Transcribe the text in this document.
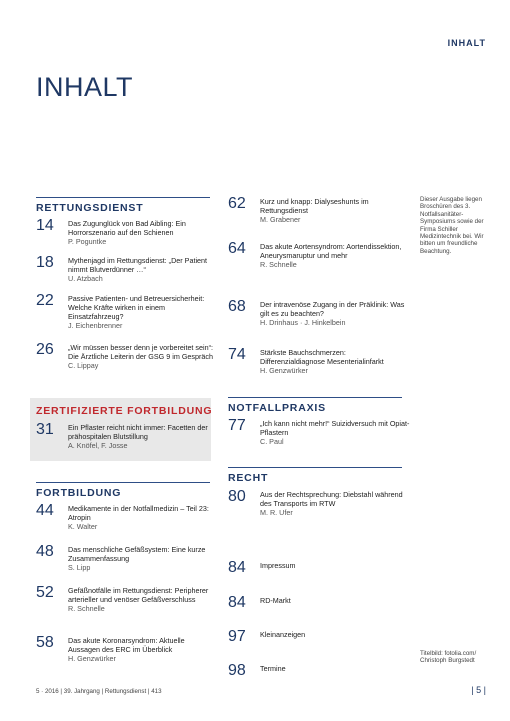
INHALT
INHALT
RETTUNGSDIENST
14 Das Zugunglück von Bad Aibling: Ein Horrorszenario auf den Schienen
P. Poguntke
18 Mythenjagd im Rettungsdienst: „Der Patient nimmt Blutverdünner …“
U. Atzbach
22 Passive Patienten- und Betreuersicherheit: Welche Kräfte wirken in einem Einsatzfahrzeug?
J. Eichenbrenner
26 „Wir müssen besser denn je vorbereitet sein“: Die Ärztliche Leiterin der GSG 9 im Gespräch
C. Lippay
ZERTIFIZIERTE FORTBILDUNG
31 Ein Pflaster reicht nicht immer: Facetten der prähospitalen Blutstillung
A. Knöfel, F. Josse
FORTBILDUNG
44 Medikamente in der Notfallmedizin – Teil 23: Atropin
K. Walter
48 Das menschliche Gefäßsystem: Eine kurze Zusammenfassung
S. Lipp
52 Gefäßnotfälle im Rettungsdienst: Peripherer arterieller und venöser Gefäßverschluss
R. Schnelle
58 Das akute Koronarsyndrom: Aktuelle Aussagen des ERC im Überblick
H. Genzwürker
62 Kurz und knapp: Dialyseshunts im Rettungsdienst
M. Grabener
64 Das akute Aortensyndrom: Aortendissektion, Aneurysmaruptur und mehr
R. Schnelle
68 Der intravenöse Zugang in der Präklinik: Was gilt es zu beachten?
H. Drinhaus · J. Hinkelbein
74 Stärkste Bauchschmerzen: Differenzialdiagnose Mesenterialinfarkt
H. Genzwürker
NOTFALLPRAXIS
77 „Ich kann nicht mehr!“ Suizidversuch mit Opiat-Pflastern
C. Paul
RECHT
80 Aus der Rechtsprechung: Diebstahl während des Transports im RTW
M. R. Ufer
84 Impressum
84 RD-Markt
97 Kleinanzeigen
98 Termine
Dieser Ausgabe liegen Broschüren des 3. Notfallsanitäter-Symposiums sowie der Firma Schiller Medizintechnik bei. Wir bitten um freundliche Beachtung.
Titelbild: fotolia.com/ Christoph Burgstedt
5 · 2016 | 39. Jahrgang | Rettungsdienst | 413	| 5 |
